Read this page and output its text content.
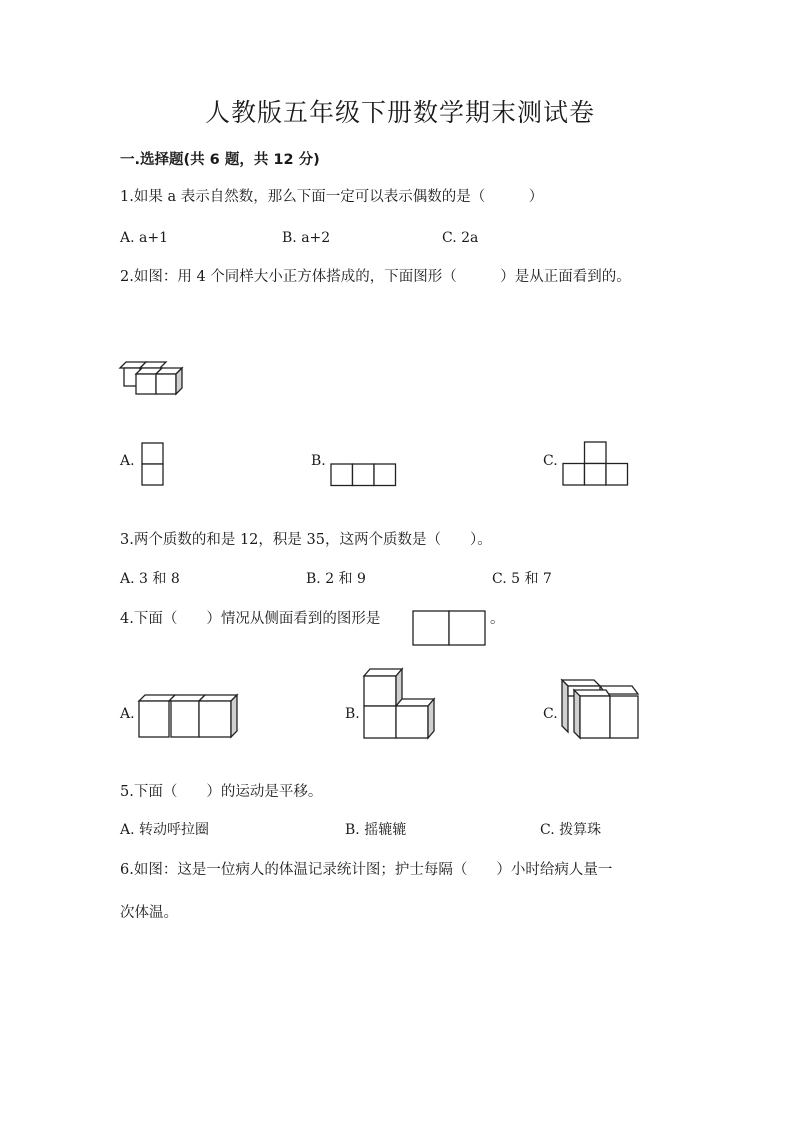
人教版五年级下册数学期末测试卷
一.选择题(共 6 题，共 12 分)
1.如果 a 表示自然数，那么下面一定可以表示偶数的是（　　　）
A. a+1	B. a+2	C. 2a
2.如图：用 4 个同样大小正方体搭成的，下面图形（　　　）是从正面看到的。
A.	B.	C.
3.两个质数的和是 12，积是 35，这两个质数是（　　）。
A. 3 和 8	B. 2 和 9	C. 5 和 7
4.下面（　　）情况从侧面看到的图形是	。
A.	B.	C.
5.下面（　　）的运动是平移。
A. 转动呼拉圈	B. 摇辘辘	C. 拨算珠
6.如图：这是一位病人的体温记录统计图；护士每隔（　　）小时给病人量一
次体温。
